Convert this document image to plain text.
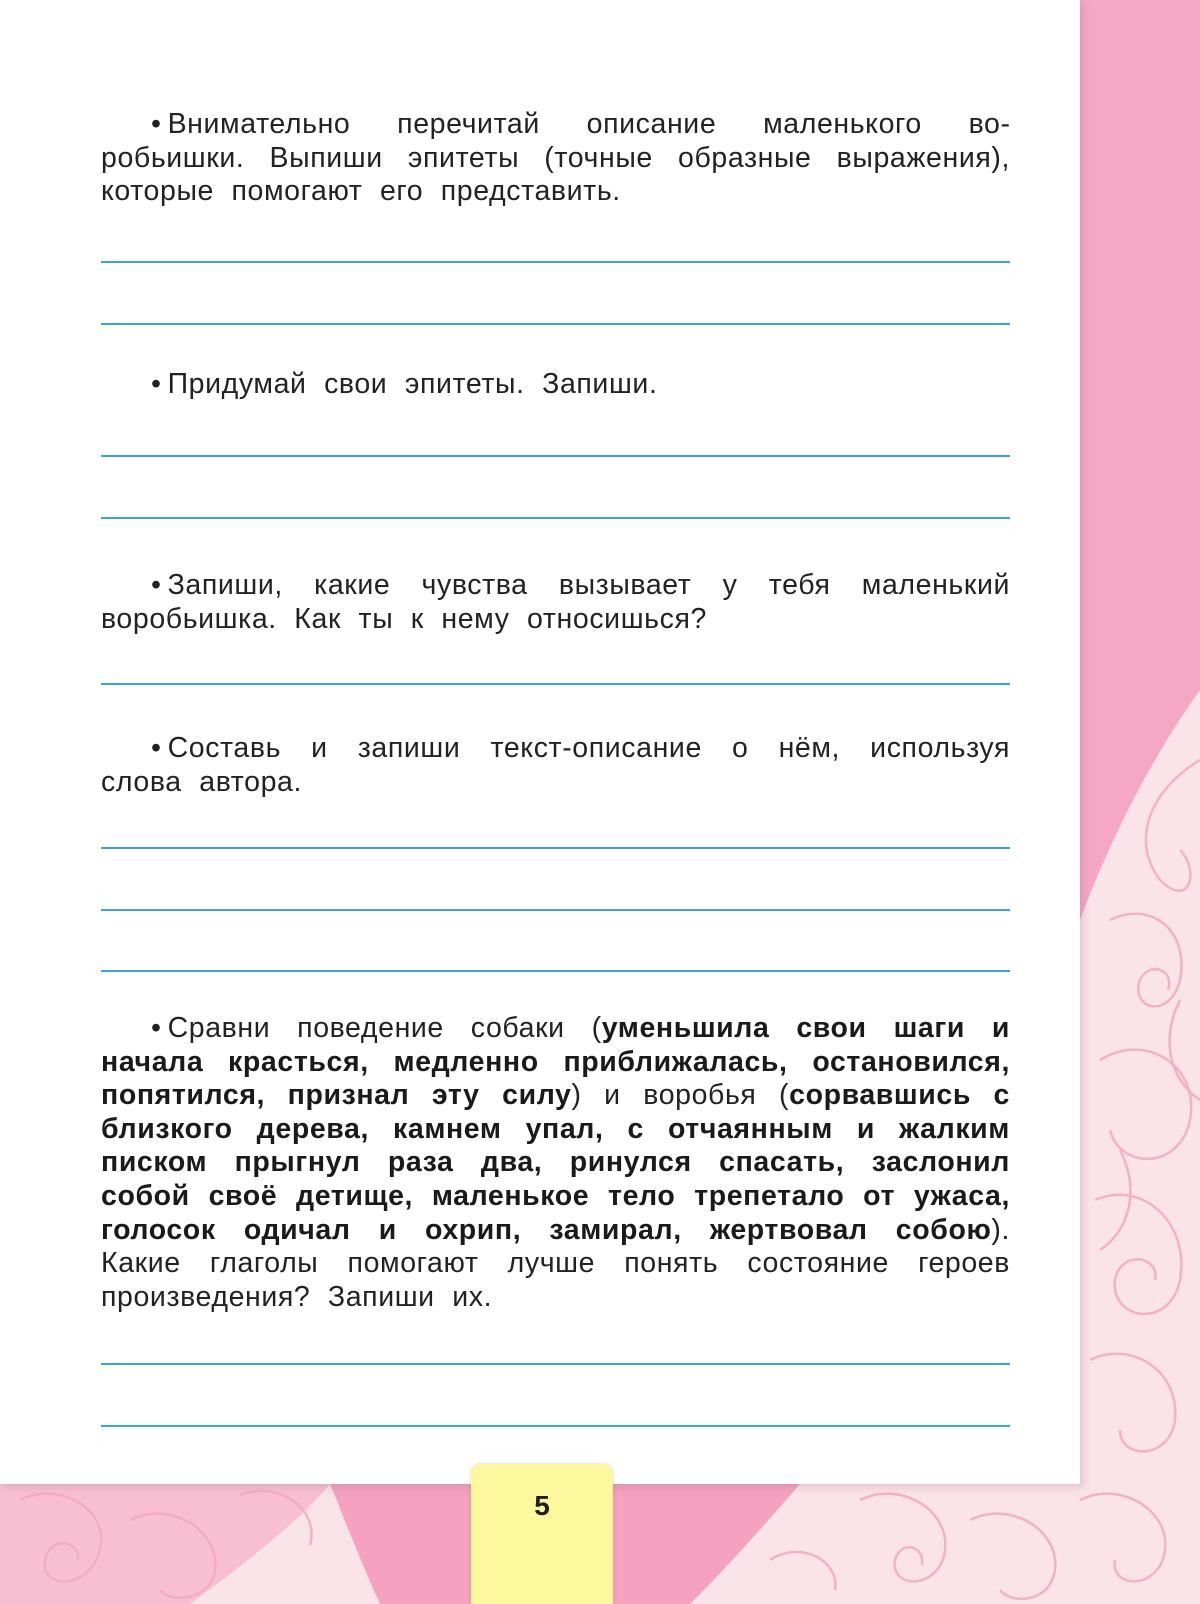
• Внимательно перечитай описание маленького воробьишки. Выпиши эпитеты (точные образные выражения), которые помогают его представить.

• Придумай свои эпитеты. Запиши.

• Запиши, какие чувства вызывает у тебя маленький воробьишка. Как ты к нему относишься?

• Составь и запиши текст-описание о нём, используя слова автора.

• Сравни поведение собаки (уменьшила свои шаги и начала красться, медленно приближалась, остановился, попятился, признал эту силу) и воробья (сорвавшись с близкого дерева, камнем упал, с отчаянным и жалким писком прыгнул раза два, ринулся спасать, заслонил собой своё детище, маленькое тело трепетало от ужаса, голосок одичал и охрип, замирал, жертвовал собою). Какие глаголы помогают лучше понять состояние героев произведения? Запиши их.

5
